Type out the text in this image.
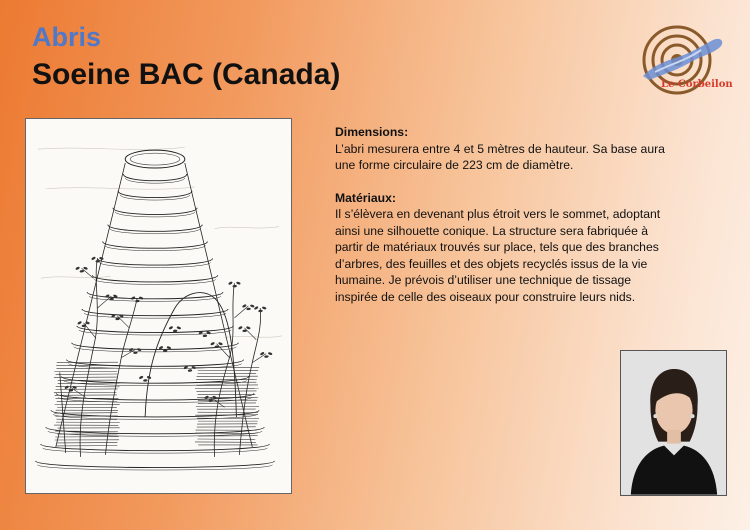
Abris
Soeine BAC (Canada)	Le Corbeilon

Dimensions:

L’abri mesurera entre 4 et 5 mètres de hauteur. Sa base aura

une forme circulaire de 223 cm de diamètre.

Matériaux:

Il s’élèvera en devenant plus étroit vers le sommet, adoptant

ainsi une silhouette conique. La structure sera fabriquée à

partir de matériaux trouvés sur place, tels que des branches

d’arbres, des feuilles et des objets recyclés issus de la vie

humaine. Je prévois d’utiliser une technique de tissage

inspirée de celle des oiseaux pour construire leurs nids.
